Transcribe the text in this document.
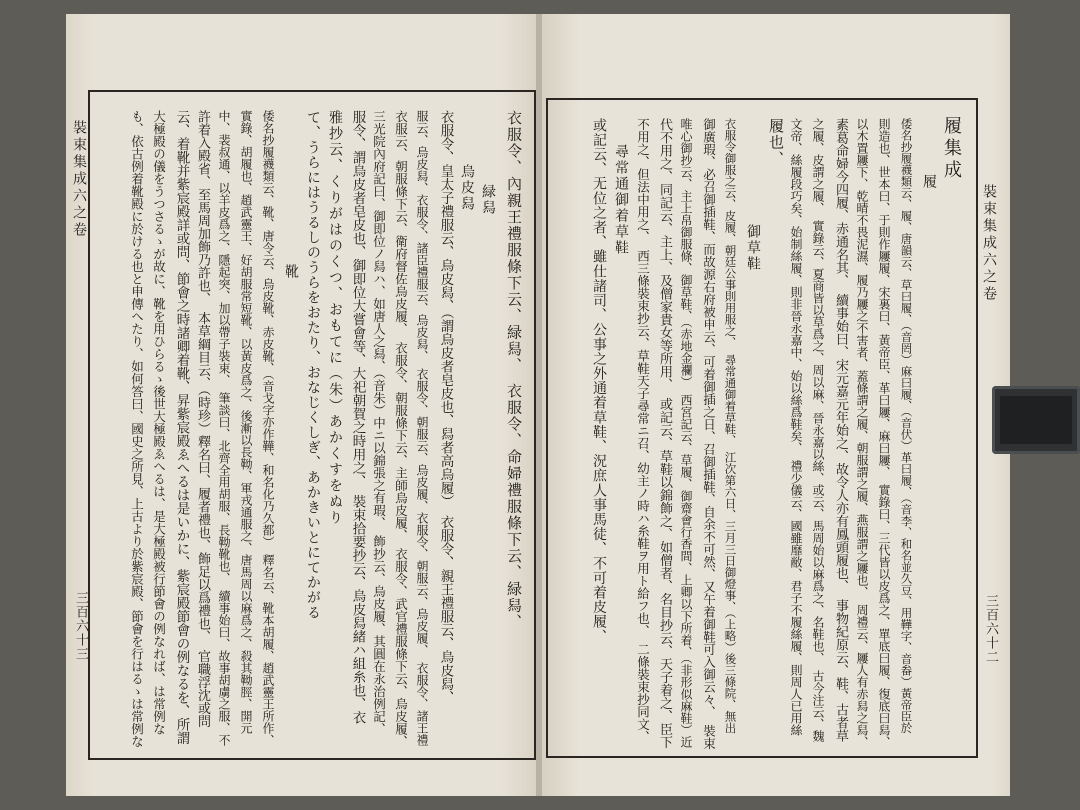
裝束集成六之卷
三百六十三	衣服令、內親王禮服條下云、緑舄、　衣服令、命婦禮服條下云、緑舄、
緑舄
烏皮舄
衣服令、皇太子禮服云、烏皮舄、（謂烏皮者皂皮也、舄者高烏履）　衣服令、親王禮服云、烏皮舄、
服云、烏皮舄、衣服令、諸臣禮服云、烏皮舄、　衣服令、朝服云、烏皮履、衣服令、朝服云、烏皮履、　衣服令、諸王禮
衣服云、朝服條下云、衛府督佐烏皮履、　衣服令、朝服條下云、主師烏皮履、　衣服令、武官禮服條下云、烏皮履、
三光院內府記曰、御即位ノ舄ハ、如唐人之舄、（音朱）中ニ以錦張之有瑕、　飾抄云、烏皮履、其圓在永治例記、
服令、謂烏皮者皂皮也、御即位大嘗會等、大祀朝賀之時用之、　裝束拾要抄云、烏皮舄緒ハ組糸也、衣
雅抄云、くりがはのくつ、おもてに（朱）あかくすをぬり
て、うらにはうるしのうらをおたり、おなじくしぎ、あかきいとにてかがる
靴
倭名抄履襪類云、靴、唐令云、烏皮靴、赤皮靴、（音戈字亦作鞾、和名化乃久都）　釋名云、靴本胡履、趙武靈王所作、
實錄、胡履也、趙武靈王、好胡服常短靴、以黃皮爲之、後漸以長靿、軍戎通服之、唐馬周以麻爲之、殺其靿脛、開元
中、裴叔通、以羊皮爲之、隱起突、加以帶子裝束、　筆談曰、北齊全用胡服、長靿靴也、　續事始曰、故事胡虜之服、不
許着入殿省、至馬周加飾乃許也、　本草綱目云、（時珍）釋名曰、履者禮也、飾足以爲禮也、　官職浮沈或問
云、着靴并紫宸殿詳或問、節會之時諸卿着靴、昇紫宸殿ゑへるは是いかに、紫宸殿節會の例なるを、所謂
大極殿の儀をうつさるゝが故に、靴を用ひらるゝ後世大極殿ゑへるは、是大極殿被行節會の例なれば、は常例な
も、依古例着靴殿に於ける也と申傳へたり、如何答曰、國史之所見、上古より於紫宸殿、節會を行はるゝは常例な	裝束集成六之卷
三百六十二
履集成
履
倭名抄履襪類云、履、唐韻云、草曰履、（音罔）麻曰履、（音伏）革曰履、（音李、和名並久豆、用鞾字、音畚）黃帝臣於
則造也、世本曰、于則作屨履、宋裏曰、黃帝臣、革曰屨、麻曰屨、　實錄曰、三代皆以皮爲之、單底曰履、復底曰舄、
以木置屨下、乾晴不畏泥濕、履乃屨之不害者、蓋條謂之履、朝服謂之履、燕服謂之屨也、　周禮云、屨人有赤舄之舄、
素葛命婦今四履、赤通名其、　續事始曰、宋元嘉元年始之、故令人亦有鳳頭履也、　事物紀原云、鞋、古者草
之履、皮謂之履、　實錄云、夏商皆以草爲之、周以麻、晉永嘉以絲、或云、馬周始以麻爲之、名鞋也、　古今注云、魏
文帝、絲履段巧矣、始制絲履、則非晉永嘉中、始以絲爲鞋矣、　禮少儀云、國雖靡敝、君子不履絲履、則周人已用絲
履也、
御草鞋
衣服令御服之云、皮履、朝廷公事則用服之、　尋常通御着草鞋、　江次第六日、三月三日御燈事、（上略）後三條院、無出
御廣瑕、必召御插鞋、而故源右府被申云、可着御插之日、召御插鞋、自余不可然、又午着御鞋可入御云々、　裝束
唯心御抄云、主上帛御服條、御草鞋、（赤地金襴）　西宮記云、草履、御齋會行香間、上卿以下所着、（非形似麻鞋）近
代不用之、同記云、主上、及僧家貴女等所用、　或記云、草鞋以錦飾之、如僧者、名目抄云、天子着之、臣下
不用之、但法中用之、　西三條裝束抄云、草鞋天子尋常ニ召、幼主ノ時ハ糸鞋ヲ用ト給フ也、　二條裝束抄同文、
尋常通御着草鞋
或記云、无位之者、雖仕諸司、公事之外通着草鞋、況庶人事馬徒、不可着皮履、
